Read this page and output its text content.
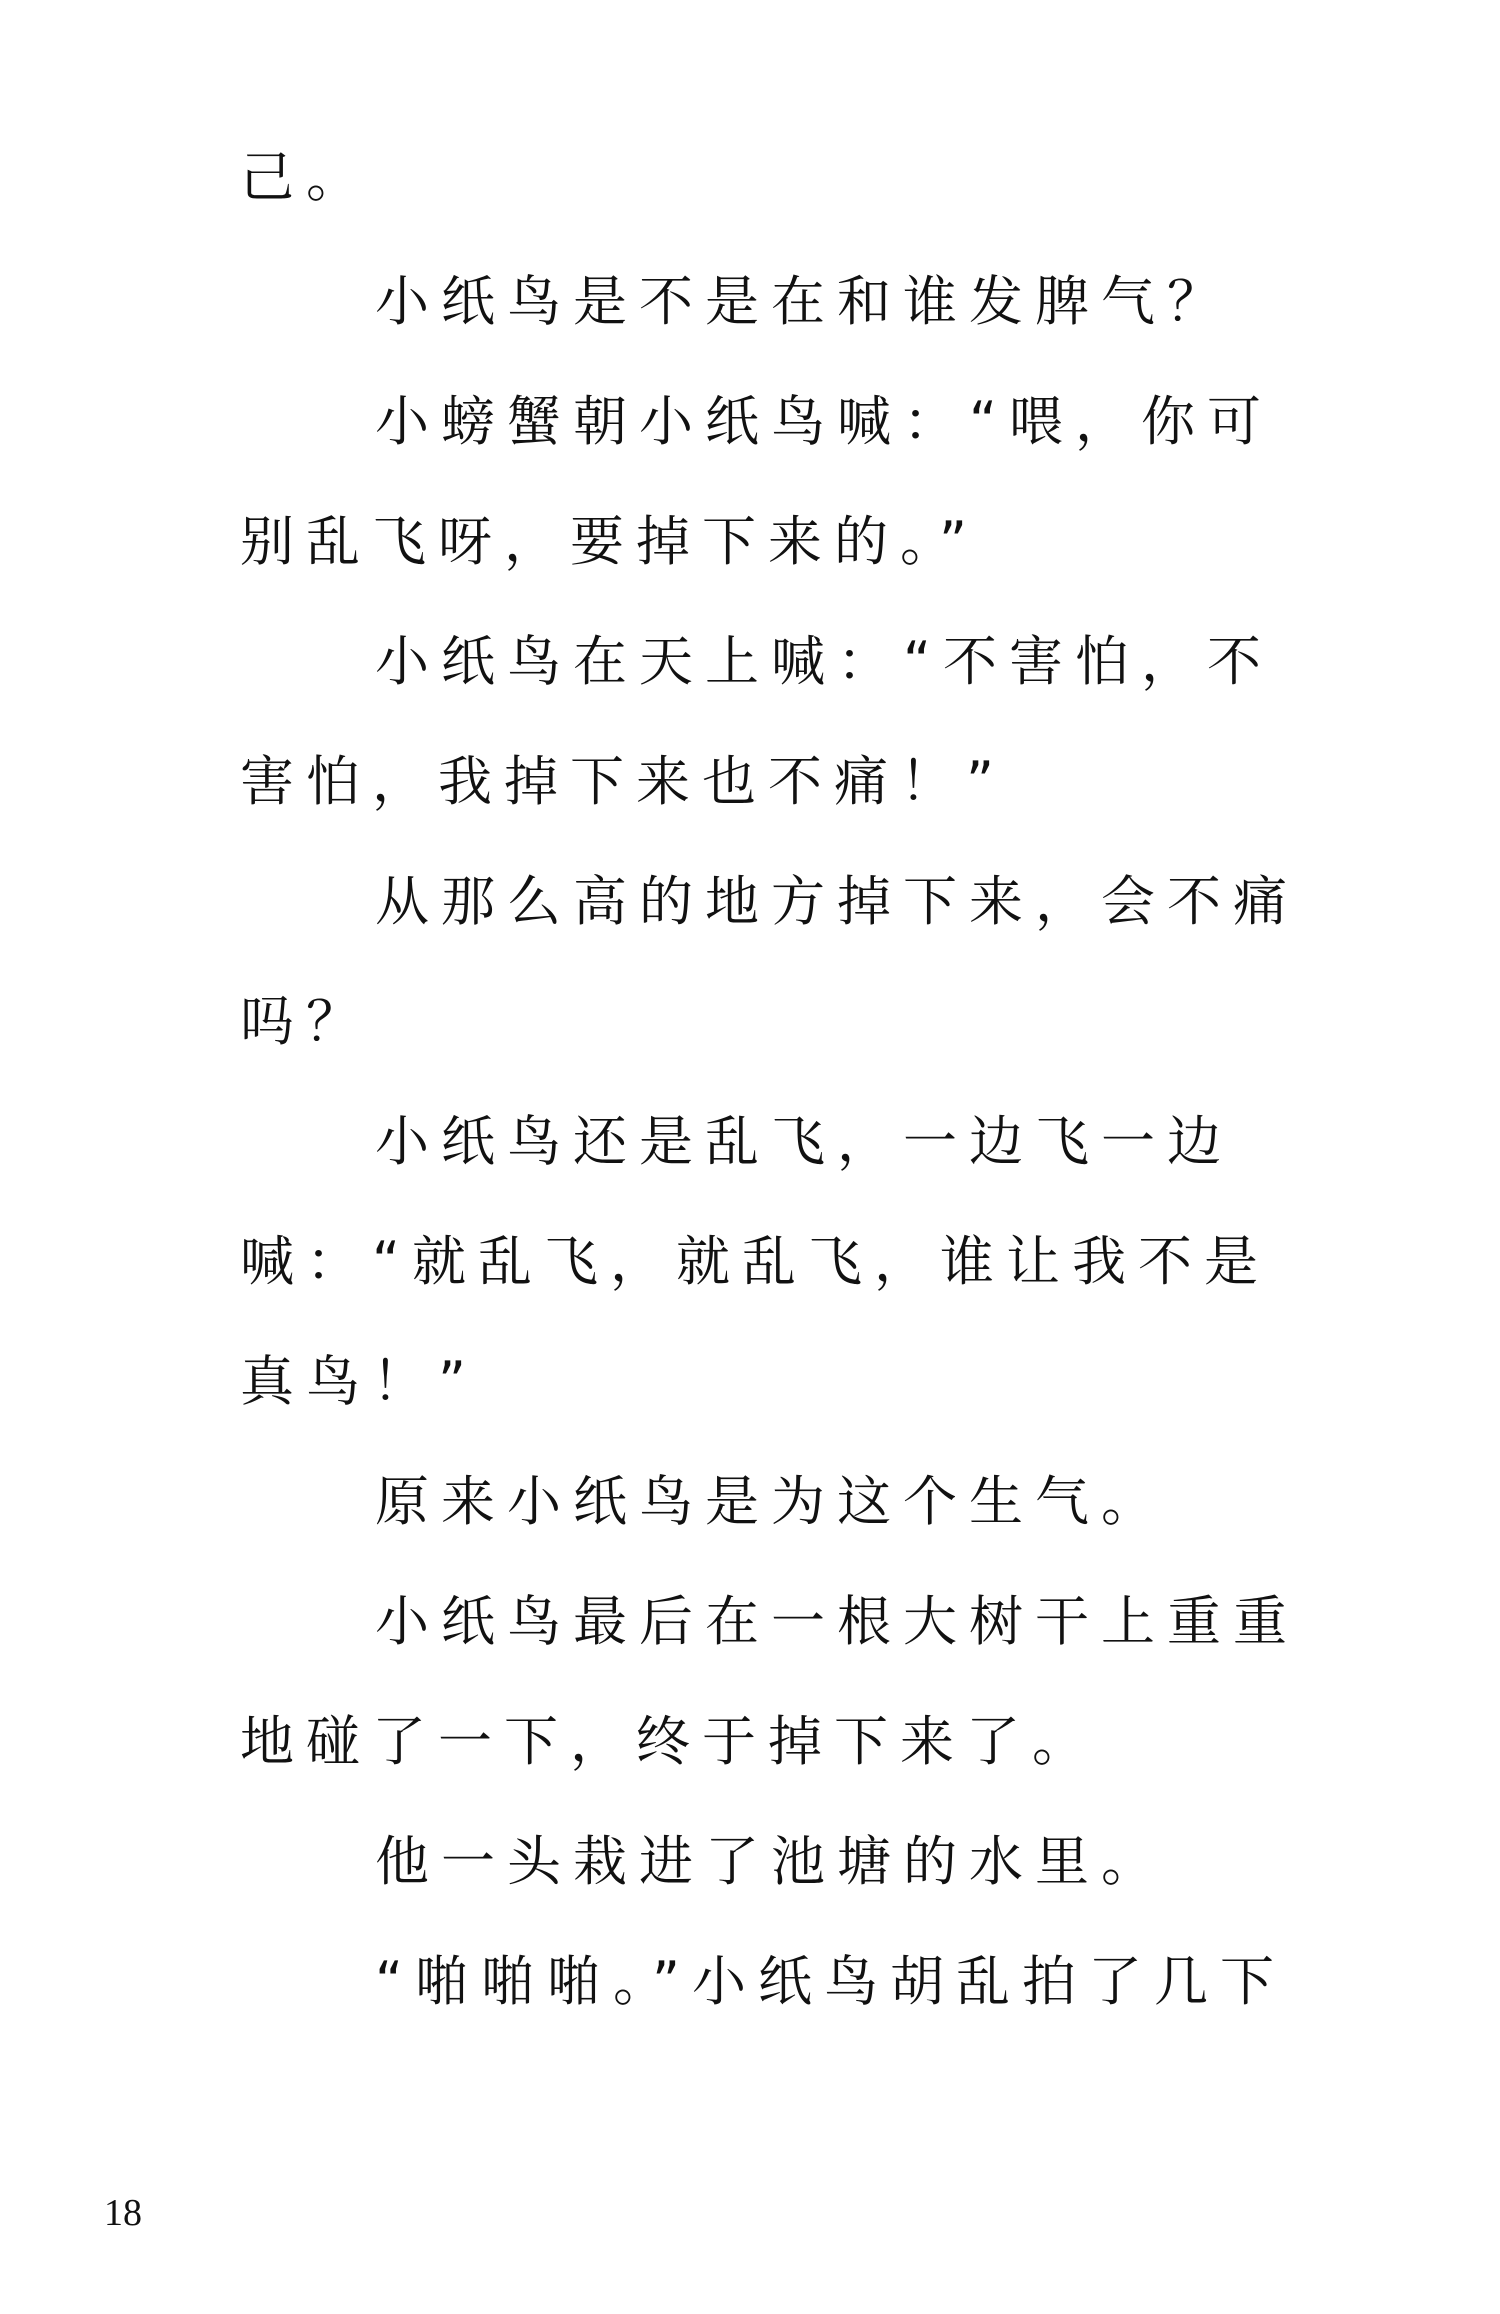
己。
小纸鸟是不是在和谁发脾气？
小螃蟹朝小纸鸟喊：“喂，你可
别乱飞呀，要掉下来的。”
小纸鸟在天上喊：“不害怕，不
害怕，我掉下来也不痛！”
从那么高的地方掉下来，会不痛
吗？
小纸鸟还是乱飞，一边飞一边
喊：“就乱飞，就乱飞，谁让我不是
真鸟！”
原来小纸鸟是为这个生气。
小纸鸟最后在一根大树干上重重
地碰了一下，终于掉下来了。
他一头栽进了池塘的水里。
“啪啪啪。”小纸鸟胡乱拍了几下
18
